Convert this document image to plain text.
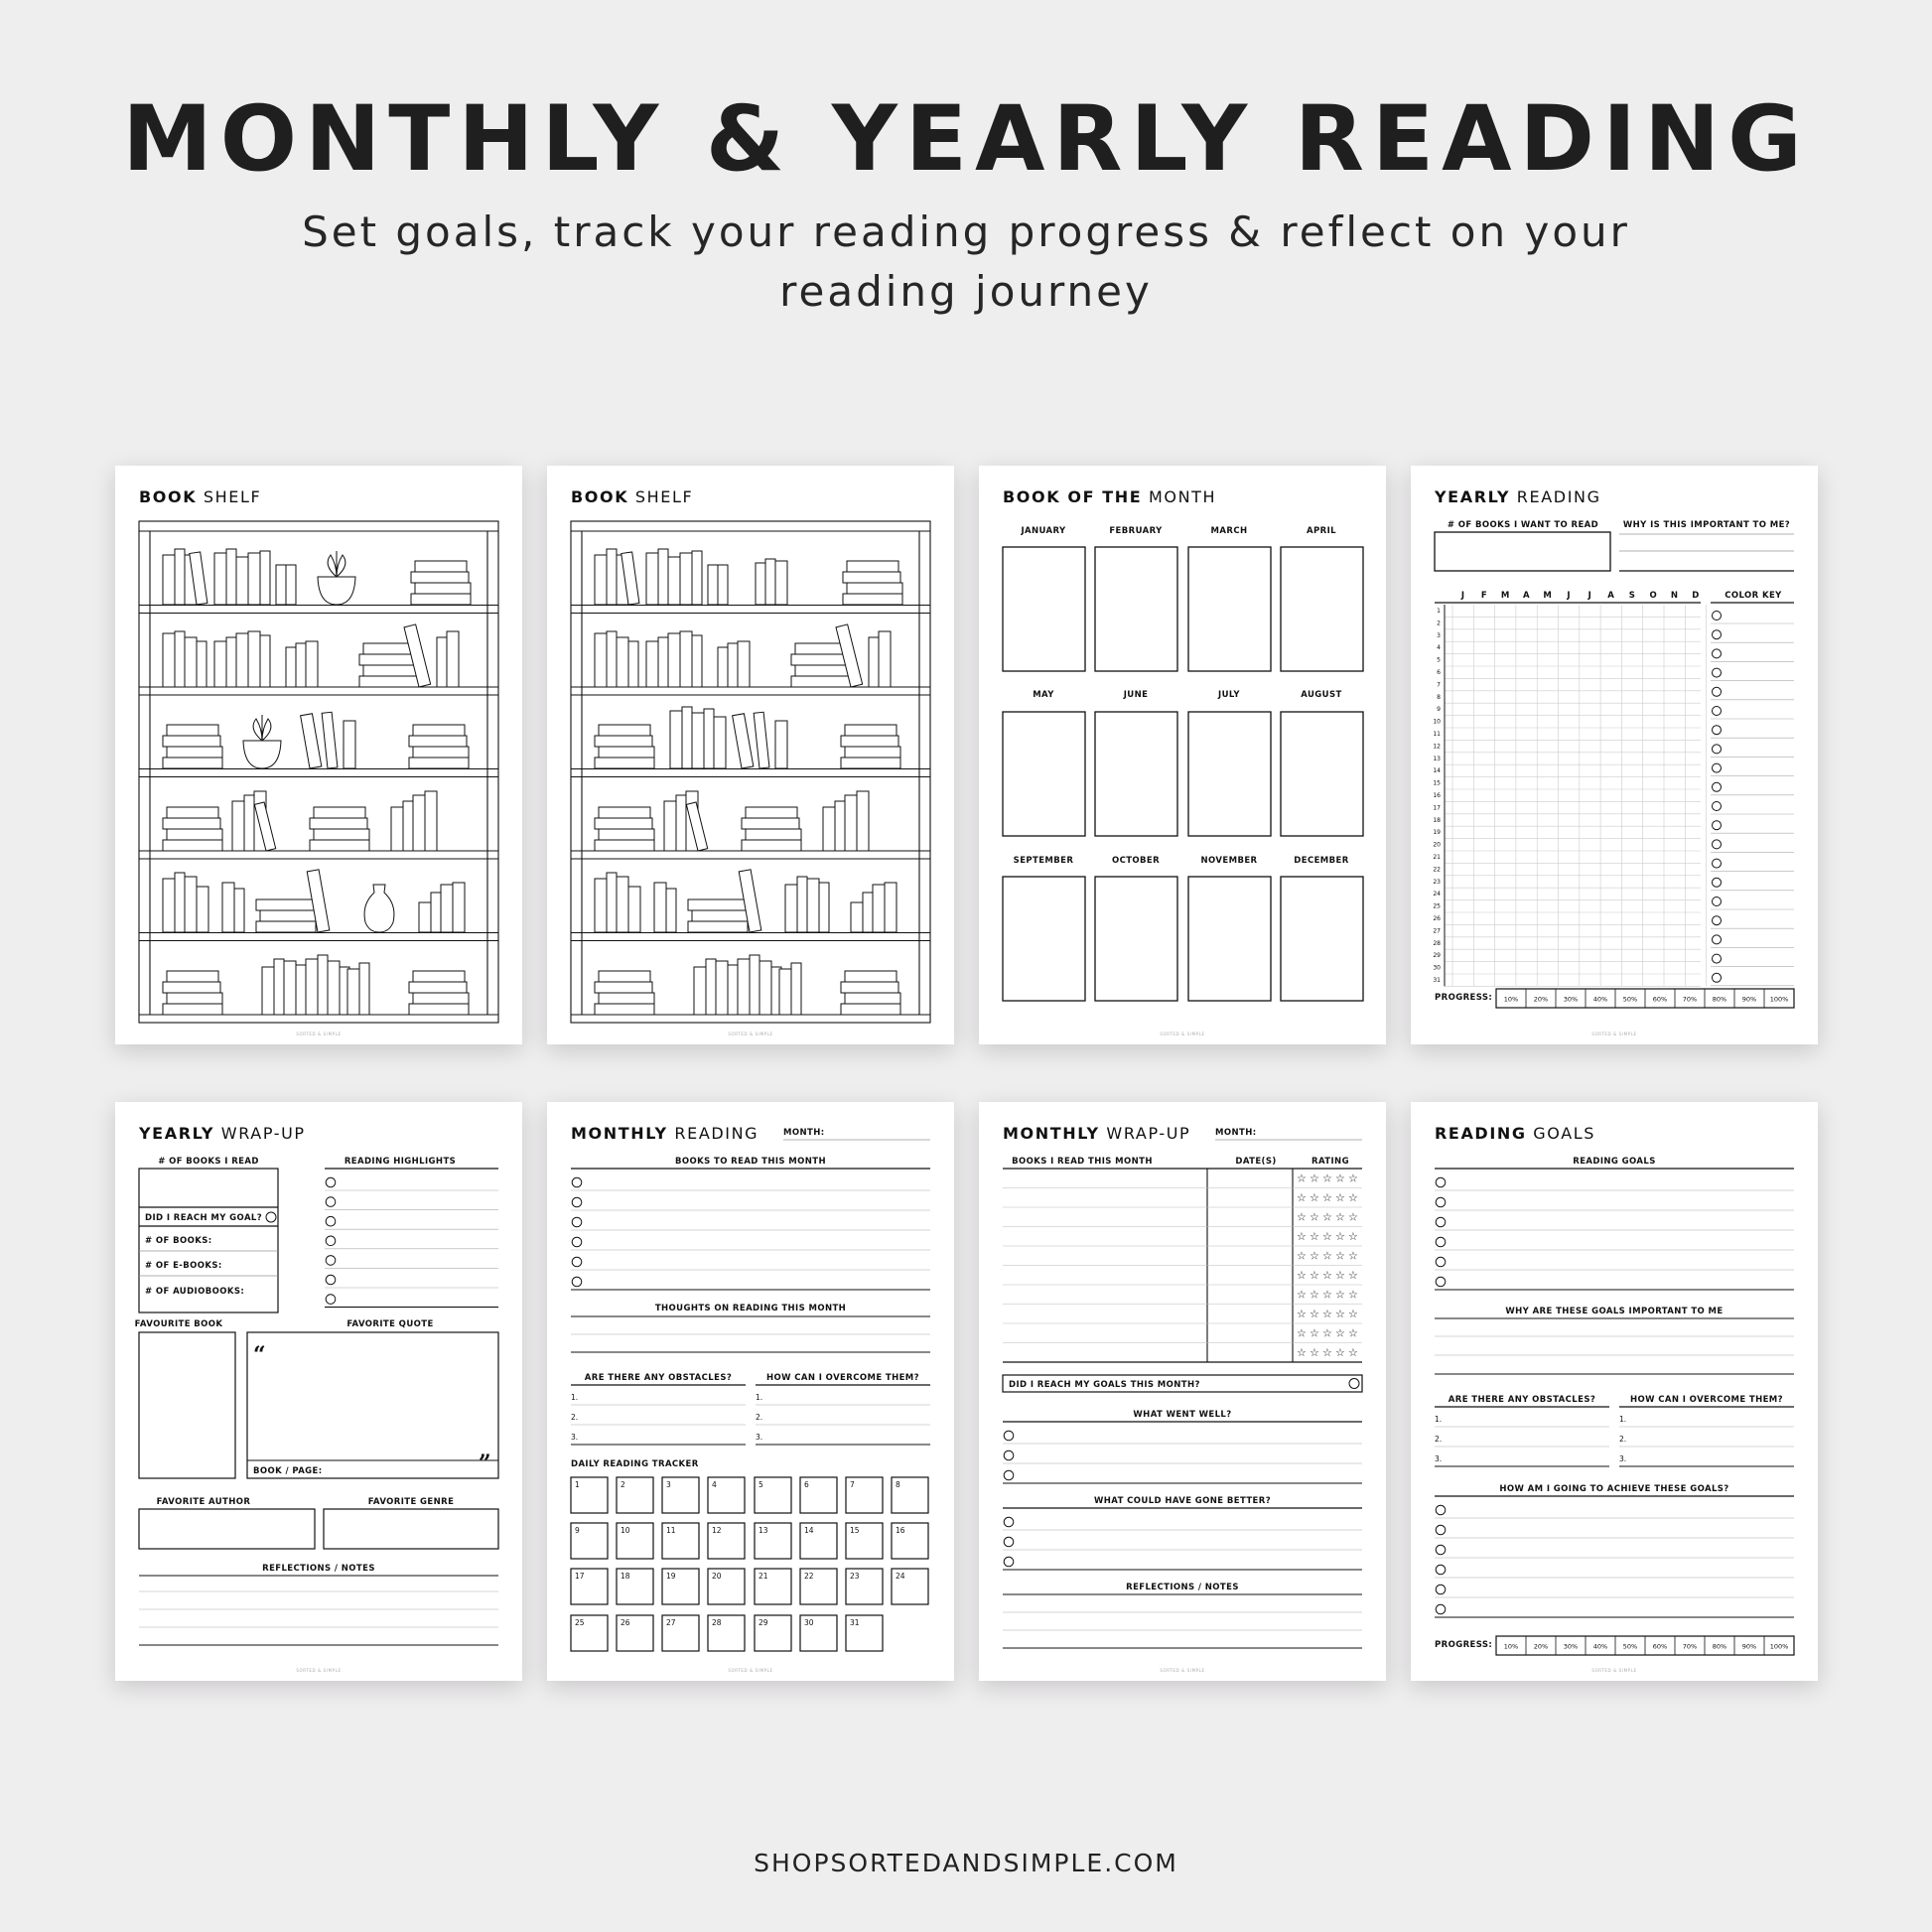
MONTHLY & YEARLY READING
Set goals, track your reading progress & reflect on your reading journey
BOOK SHELF
SORTED & SIMPLE
BOOK SHELF
SORTED & SIMPLE
BOOK OF THE MONTH
JANUARY	FEBRUARY	MARCH	APRIL
MAY	JUNE	JULY	AUGUST
SEPTEMBER	OCTOBER	NOVEMBER	DECEMBER
SORTED & SIMPLE
YEARLY READING
# OF BOOKS I WANT TO READ	WHY IS THIS IMPORTANT TO ME?
J F M A M J J A S O N D
1
2
3
4
5
6
7
8
9
10
11
12
13
14
15
16
17
18
19
20
21
22
23
24
25
26
27
28
29
30
31
COLOR KEY
PROGRESS: 10% 20% 30% 40% 50% 60% 70% 80% 90% 100%
SORTED & SIMPLE
YEARLY WRAP-UP
# OF BOOKS I READ
DID I REACH MY GOAL?
# OF BOOKS:
# OF E-BOOKS:
# OF AUDIOBOOKS:
READING HIGHLIGHTS
FAVOURITE BOOK	FAVORITE QUOTE
“
”
BOOK / PAGE:
FAVORITE AUTHOR	FAVORITE GENRE
REFLECTIONS / NOTES
SORTED & SIMPLE
MONTHLY READING	MONTH:
BOOKS TO READ THIS MONTH
THOUGHTS ON READING THIS MONTH
ARE THERE ANY OBSTACLES?	HOW CAN I OVERCOME THEM?
1.
2.
3.
1.
2.
3.
DAILY READING TRACKER
1	2	3	4	5	6	7	8
9	10	11	12	13	14	15	16
17	18	19	20	21	22	23	24
25	26	27	28	29	30	31
SORTED & SIMPLE
MONTHLY WRAP-UP	MONTH:
BOOKS I READ THIS MONTH	DATE(S)	RATING
☆ ☆ ☆ ☆ ☆
☆ ☆ ☆ ☆ ☆
☆ ☆ ☆ ☆ ☆
☆ ☆ ☆ ☆ ☆
☆ ☆ ☆ ☆ ☆
☆ ☆ ☆ ☆ ☆
☆ ☆ ☆ ☆ ☆
☆ ☆ ☆ ☆ ☆
☆ ☆ ☆ ☆ ☆
☆ ☆ ☆ ☆ ☆
DID I REACH MY GOALS THIS MONTH?
WHAT WENT WELL?
WHAT COULD HAVE GONE BETTER?
REFLECTIONS / NOTES
SORTED & SIMPLE
READING GOALS
READING GOALS
WHY ARE THESE GOALS IMPORTANT TO ME
ARE THERE ANY OBSTACLES?	HOW CAN I OVERCOME THEM?
1.
2.
3.
1.
2.
3.
HOW AM I GOING TO ACHIEVE THESE GOALS?
PROGRESS: 10% 20% 30% 40% 50% 60% 70% 80% 90% 100%
SORTED & SIMPLE
SHOPSORTEDANDSIMPLE.COM
